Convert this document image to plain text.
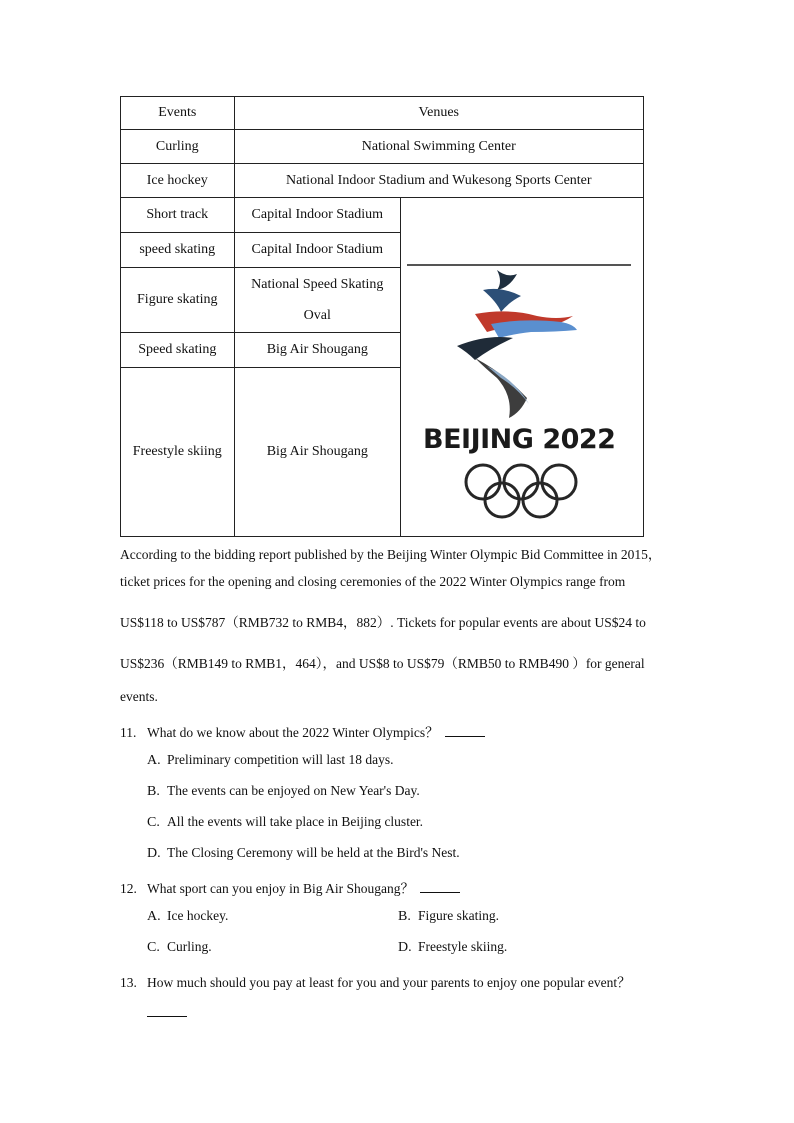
Events	Venues	
Curling	National Swimming Center	
Ice hockey	National Indoor Stadium and Wukesong Sports Center	
Short track	Capital Indoor Stadium	BEIJING 2022

speed skating	Capital Indoor Stadium	
Figure skating	National Speed Skating
Oval	

Speed skating	Big Air Shougang	
Freestyle skiing	Big Air Shougang	
According to the bidding report published by the Beijing Winter Olympic Bid Committee in 2015，
ticket prices for the opening and closing ceremonies of the 2022 Winter Olympics range from
US$118 to US$787（RMB732 to RMB4，882）. Tickets for popular events are about US$24 to
US$236（RMB149 to RMB1，464），and US$8 to US$79（RMB50 to RMB490 ）for general
events.
11. What do we know about the 2022 Winter Olympics？
A. Preliminary competition will last 18 days.
B. The events can be enjoyed on New Year's Day.
C. All the events will take place in Beijing cluster.
D. The Closing Ceremony will be held at the Bird's Nest.
12. What sport can you enjoy in Big Air Shougang？
A. Ice hockey.	B. Figure skating.
C. Curling.	D. Freestyle skiing.
13. How much should you pay at least for you and your parents to enjoy one popular event？
